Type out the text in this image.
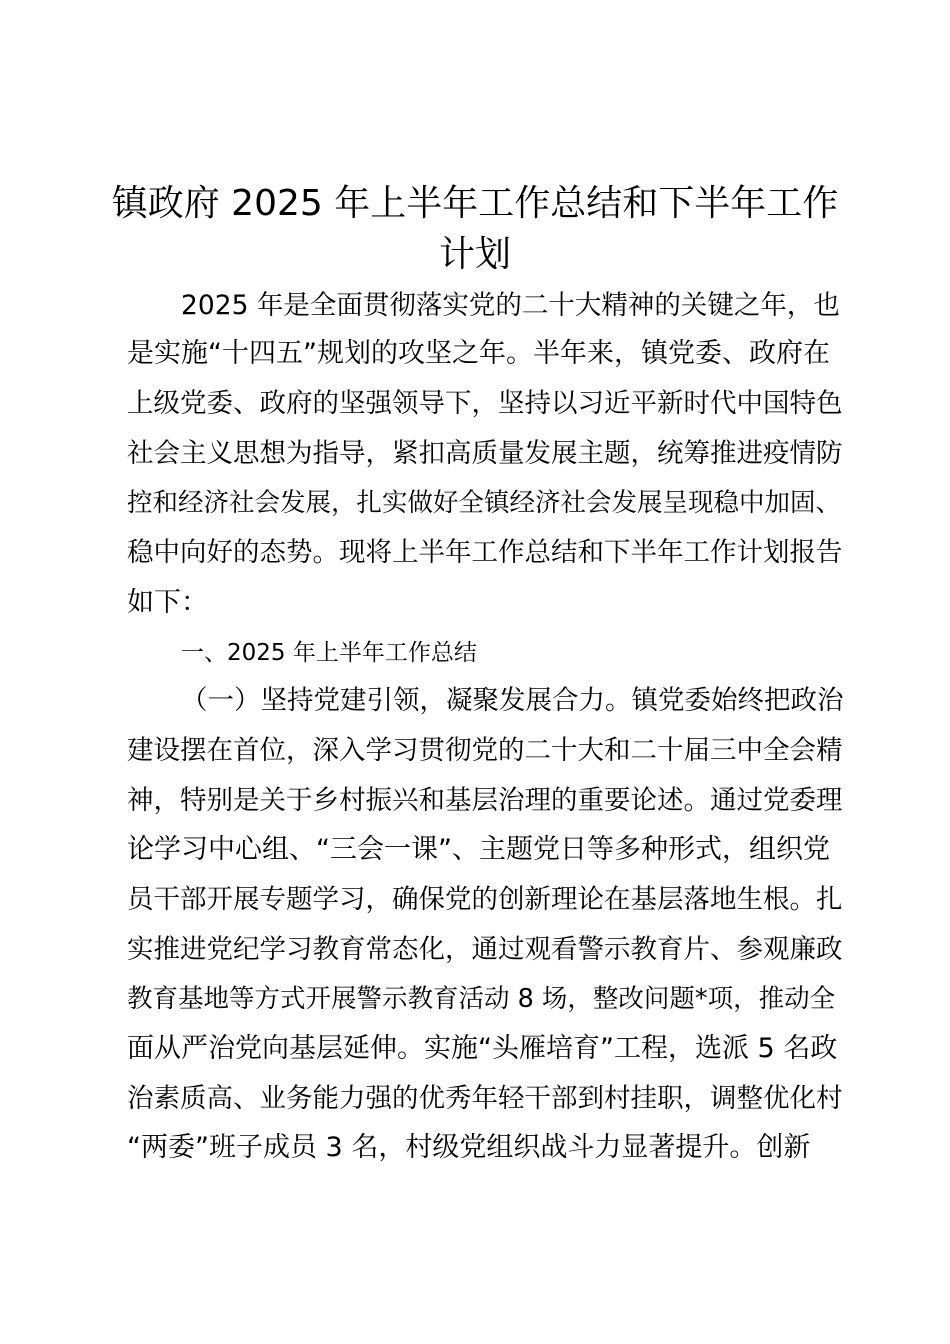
镇政府 2025 年上半年工作总结和下半年工作
计划
2025 年是全面贯彻落实党的二十大精神的关键之年，也
是实施“十四五”规划的攻坚之年。半年来，镇党委、政府在
上级党委、政府的坚强领导下，坚持以习近平新时代中国特色
社会主义思想为指导，紧扣高质量发展主题，统筹推进疫情防
控和经济社会发展，扎实做好全镇经济社会发展呈现稳中加固、
稳中向好的态势。现将上半年工作总结和下半年工作计划报告
如下：
一、2025 年上半年工作总结
（一）坚持党建引领，凝聚发展合力。镇党委始终把政治
建设摆在首位，深入学习贯彻党的二十大和二十届三中全会精
神，特别是关于乡村振兴和基层治理的重要论述。通过党委理
论学习中心组、“三会一课”、主题党日等多种形式，组织党
员干部开展专题学习，确保党的创新理论在基层落地生根。扎
实推进党纪学习教育常态化，通过观看警示教育片、参观廉政
教育基地等方式开展警示教育活动 8 场，整改问题*项，推动全
面从严治党向基层延伸。实施“头雁培育”工程，选派 5 名政
治素质高、业务能力强的优秀年轻干部到村挂职，调整优化村
“两委”班子成员 3 名，村级党组织战斗力显著提升。创新
